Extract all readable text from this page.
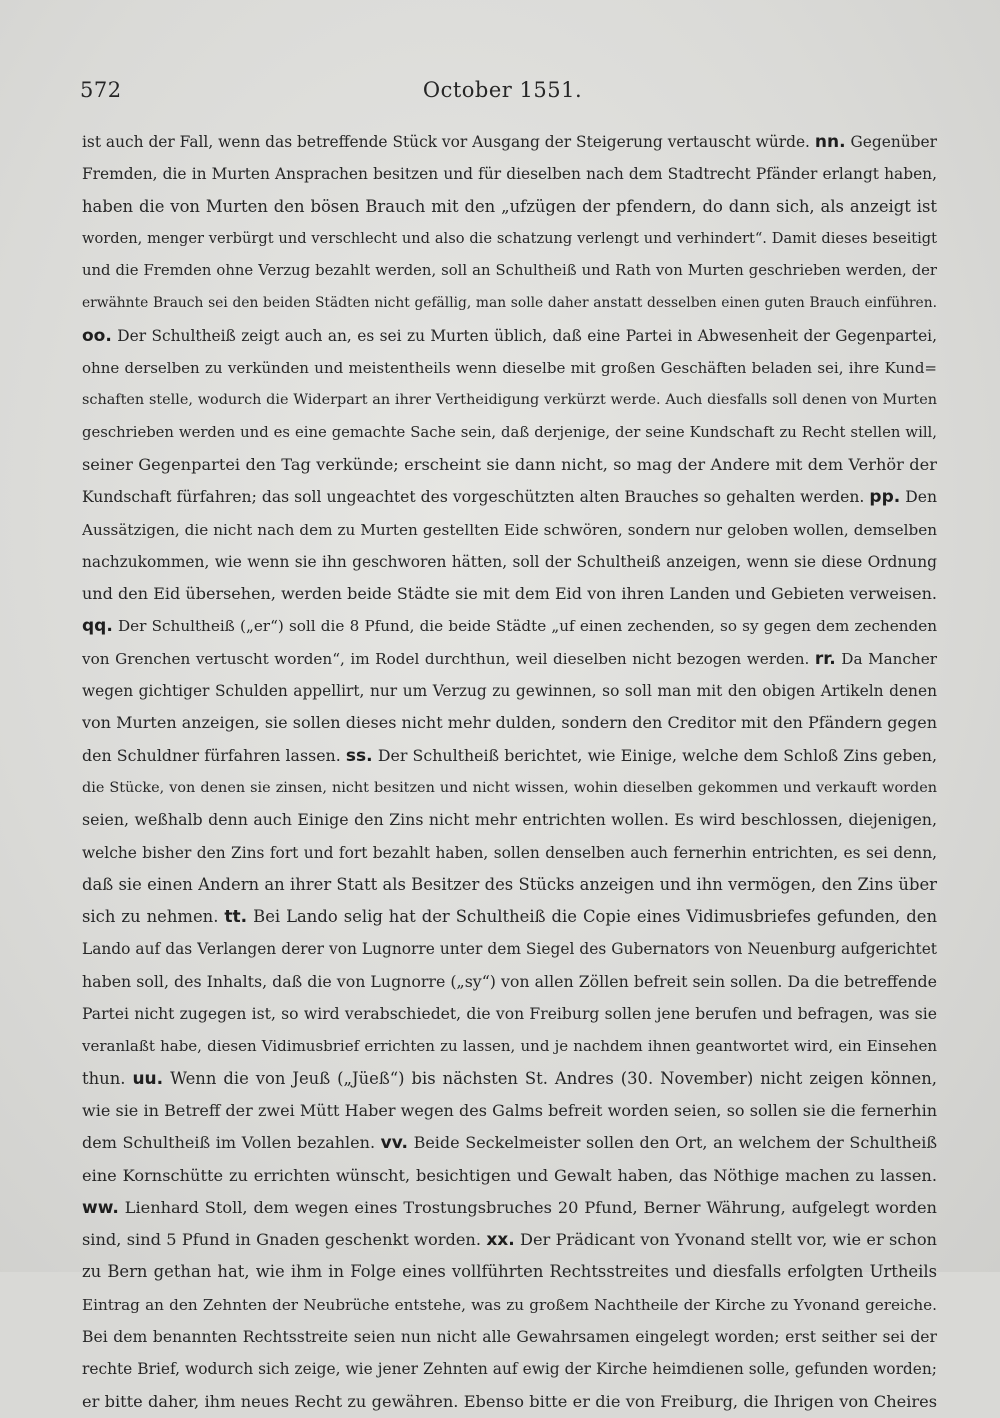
572	October 1551.
ist auch der Fall, wenn das betreffende Stück vor Ausgang der Steigerung vertauscht würde. nn. Gegenüber
Fremden, die in Murten Ansprachen besitzen und für dieselben nach dem Stadtrecht Pfänder erlangt haben,
haben die von Murten den bösen Brauch mit den „ufzügen der pfendern, do dann sich, als anzeigt ist
worden, menger verbürgt und verschlecht und also die schatzung verlengt und verhindert“. Damit dieses beseitigt
und die Fremden ohne Verzug bezahlt werden, soll an Schultheiß und Rath von Murten geschrieben werden, der
erwähnte Brauch sei den beiden Städten nicht gefällig, man solle daher anstatt desselben einen guten Brauch einführen.
oo. Der Schultheiß zeigt auch an, es sei zu Murten üblich, daß eine Partei in Abwesenheit der Gegenpartei,
ohne derselben zu verkünden und meistentheils wenn dieselbe mit großen Geschäften beladen sei, ihre Kund=
schaften stelle, wodurch die Widerpart an ihrer Vertheidigung verkürzt werde. Auch diesfalls soll denen von Murten
geschrieben werden und es eine gemachte Sache sein, daß derjenige, der seine Kundschaft zu Recht stellen will,
seiner Gegenpartei den Tag verkünde; erscheint sie dann nicht, so mag der Andere mit dem Verhör der
Kundschaft fürfahren; das soll ungeachtet des vorgeschützten alten Brauches so gehalten werden. pp. Den
Aussätzigen, die nicht nach dem zu Murten gestellten Eide schwören, sondern nur geloben wollen, demselben
nachzukommen, wie wenn sie ihn geschworen hätten, soll der Schultheiß anzeigen, wenn sie diese Ordnung
und den Eid übersehen, werden beide Städte sie mit dem Eid von ihren Landen und Gebieten verweisen.
qq. Der Schultheiß („er“) soll die 8 Pfund, die beide Städte „uf einen zechenden, so sy gegen dem zechenden
von Grenchen vertuscht worden“, im Rodel durchthun, weil dieselben nicht bezogen werden. rr. Da Mancher
wegen gichtiger Schulden appellirt, nur um Verzug zu gewinnen, so soll man mit den obigen Artikeln denen
von Murten anzeigen, sie sollen dieses nicht mehr dulden, sondern den Creditor mit den Pfändern gegen
den Schuldner fürfahren lassen. ss. Der Schultheiß berichtet, wie Einige, welche dem Schloß Zins geben,
die Stücke, von denen sie zinsen, nicht besitzen und nicht wissen, wohin dieselben gekommen und verkauft worden
seien, weßhalb denn auch Einige den Zins nicht mehr entrichten wollen. Es wird beschlossen, diejenigen,
welche bisher den Zins fort und fort bezahlt haben, sollen denselben auch fernerhin entrichten, es sei denn,
daß sie einen Andern an ihrer Statt als Besitzer des Stücks anzeigen und ihn vermögen, den Zins über
sich zu nehmen. tt. Bei Lando selig hat der Schultheiß die Copie eines Vidimusbriefes gefunden, den
Lando auf das Verlangen derer von Lugnorre unter dem Siegel des Gubernators von Neuenburg aufgerichtet
haben soll, des Inhalts, daß die von Lugnorre („sy“) von allen Zöllen befreit sein sollen. Da die betreffende
Partei nicht zugegen ist, so wird verabschiedet, die von Freiburg sollen jene berufen und befragen, was sie
veranlaßt habe, diesen Vidimusbrief errichten zu lassen, und je nachdem ihnen geantwortet wird, ein Einsehen
thun. uu. Wenn die von Jeuß („Jüeß“) bis nächsten St. Andres (30. November) nicht zeigen können,
wie sie in Betreff der zwei Mütt Haber wegen des Galms befreit worden seien, so sollen sie die fernerhin
dem Schultheiß im Vollen bezahlen. vv. Beide Seckelmeister sollen den Ort, an welchem der Schultheiß
eine Kornschütte zu errichten wünscht, besichtigen und Gewalt haben, das Nöthige machen zu lassen.
ww. Lienhard Stoll, dem wegen eines Trostungsbruches 20 Pfund, Berner Währung, aufgelegt worden
sind, sind 5 Pfund in Gnaden geschenkt worden. xx. Der Prädicant von Yvonand stellt vor, wie er schon
zu Bern gethan hat, wie ihm in Folge eines vollführten Rechtsstreites und diesfalls erfolgten Urtheils
Eintrag an den Zehnten der Neubrüche entstehe, was zu großem Nachtheile der Kirche zu Yvonand gereiche.
Bei dem benannten Rechtsstreite seien nun nicht alle Gewahrsamen eingelegt worden; erst seither sei der
rechte Brief, wodurch sich zeige, wie jener Zehnten auf ewig der Kirche heimdienen solle, gefunden worden;
er bitte daher, ihm neues Recht zu gewähren. Ebenso bitte er die von Freiburg, die Ihrigen von Cheires
